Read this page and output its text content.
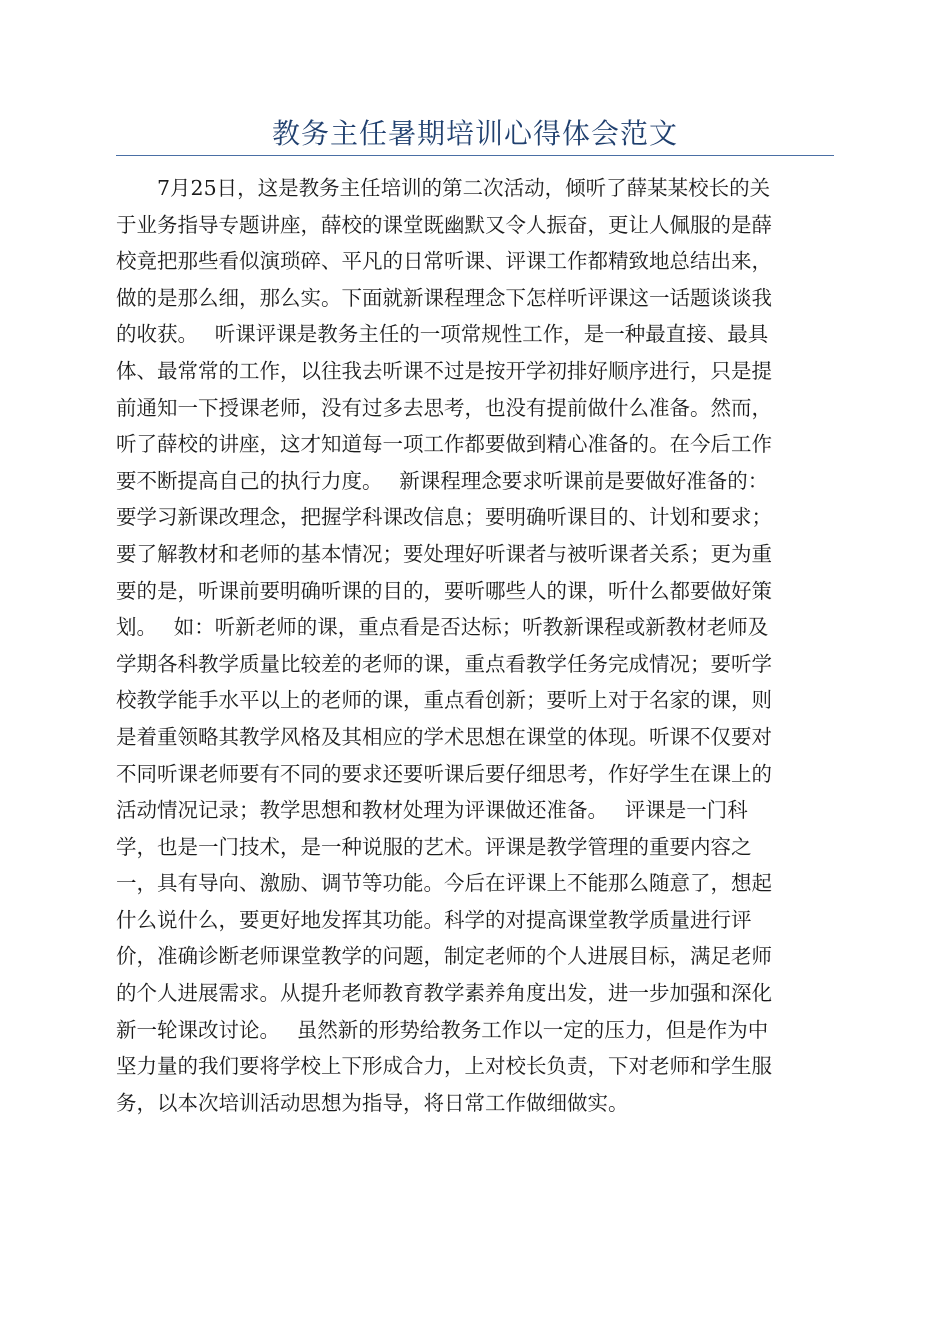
教务主任暑期培训心得体会范文
　　7月25日，这是教务主任培训的第二次活动，倾听了薛某某校长的关
于业务指导专题讲座，薛校的课堂既幽默又令人振奋，更让人佩服的是薛
校竟把那些看似演琐碎、平凡的日常听课、评课工作都精致地总结出来，
做的是那么细，那么实。下面就新课程理念下怎样听评课这一话题谈谈我
的收获。　 听课评课是教务主任的一项常规性工作，是一种最直接、最具
体、最常常的工作，以往我去听课不过是按开学初排好顺序进行，只是提
前通知一下授课老师，没有过多去思考，也没有提前做什么准备。然而，
听了薛校的讲座，这才知道每一项工作都要做到精心准备的。在今后工作
要不断提高自己的执行力度。　 新课程理念要求听课前是要做好准备的：
要学习新课改理念，把握学科课改信息；要明确听课目的、计划和要求；
要了解教材和老师的基本情况；要处理好听课者与被听课者关系；更为重
要的是，听课前要明确听课的目的，要听哪些人的课，听什么都要做好策
划。　 如：听新老师的课，重点看是否达标；听教新课程或新教材老师及
学期各科教学质量比较差的老师的课，重点看教学任务完成情况；要听学
校教学能手水平以上的老师的课，重点看创新；要听上对于名家的课，则
是着重领略其教学风格及其相应的学术思想在课堂的体现。听课不仅要对
不同听课老师要有不同的要求还要听课后要仔细思考，作好学生在课上的
活动情况记录；教学思想和教材处理为评课做还准备。　 评课是一门科
学，也是一门技术，是一种说服的艺术。评课是教学管理的重要内容之
一，具有导向、激励、调节等功能。今后在评课上不能那么随意了，想起
什么说什么，要更好地发挥其功能。科学的对提高课堂教学质量进行评
价，准确诊断老师课堂教学的问题，制定老师的个人进展目标，满足老师
的个人进展需求。从提升老师教育教学素养角度出发，进一步加强和深化
新一轮课改讨论。　 虽然新的形势给教务工作以一定的压力，但是作为中
坚力量的我们要将学校上下形成合力，上对校长负责，下对老师和学生服
务，以本次培训活动思想为指导，将日常工作做细做实。
